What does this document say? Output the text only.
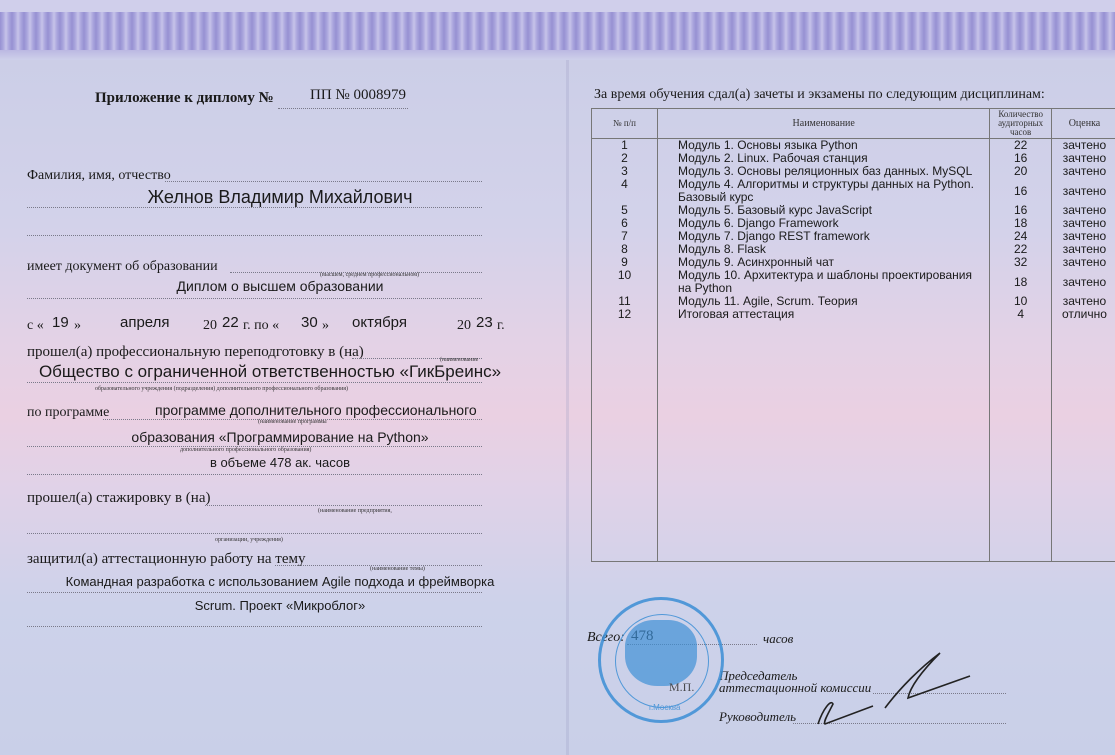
Приложение к диплому № ПП № 0008979
Фамилия, имя, отчество
Желнов Владимир Михайлович
имеет документ об образовании
(высшем, среднем профессиональном)
Диплом о высшем образовании
с « 19 »	апреля 20 22 г. по « 30 » октября	20 23 г.
прошел(а) профессиональную переподготовку в (на)	(наименование
Общество с ограниченной ответственностью «ГикБреинс»
образовательного учреждения (подразделения) дополнительного профессионального образования)
по программе	программе дополнительного профессионального
(наименование программы
образования «Программирование на Python»
дополнительного профессионального образования)
в объеме 478 ак. часов
прошел(а) стажировку в (на)
(наименование предприятия,
организации, учреждения)
защитил(а) аттестационную работу на тему
(наименование темы)
Командная разработка с использованием Agile подхода и фреймворка
Scrum. Проект «Микроблог»
За время обучения сдал(а) зачеты и экзамены по следующим дисциплинам:
№ п/п	Наименование	Количество аудиторных часов	Оценка
1	Модуль 1. Основы языка Python	22	зачтено
2	Модуль 2. Linux. Рабочая станция	16	зачтено
3	Модуль 3. Основы реляционных баз данных. MySQL	20	зачтено
4	Модуль 4. Алгоритмы и структуры данных на Python. Базовый курс	16	зачтено
5	Модуль 5. Базовый курс JavaScript	16	зачтено
6	Модуль 6. Django Framework	18	зачтено
7	Модуль 7. Django REST framework	24	зачтено
8	Модуль 8. Flask	22	зачтено
9	Модуль 9. Асинхронный чат	32	зачтено
10	Модуль 10. Архитектура и шаблоны проектирования на Python	18	зачтено
11	Модуль 11. Agile, Scrum. Теория	10	зачтено
12	Итоговая аттестация	4	отлично

Всего:	часов
Председатель
аттестационной комиссии
Руководитель
г.Москва
М.П.
